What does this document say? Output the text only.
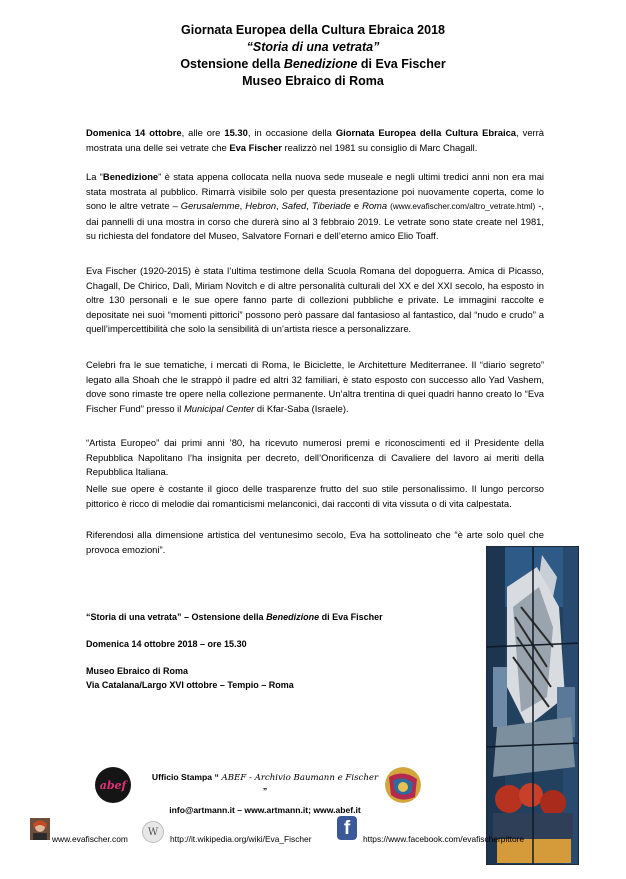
Giornata Europea della Cultura Ebraica 2018
“Storia di una vetrata”
Ostensione della Benedizione di Eva Fischer
Museo Ebraico di Roma
Domenica 14 ottobre, alle ore 15.30, in occasione della Giornata Europea della Cultura Ebraica, verrà mostrata una delle sei vetrate che Eva Fischer realizzò nel 1981 su consiglio di Marc Chagall.
La “Benedizione” è stata appena collocata nella nuova sede museale e negli ultimi tredici anni non era mai stata mostrata al pubblico. Rimarrà visibile solo per questa presentazione poi nuovamente coperta, come lo sono le altre vetrate – Gerusalemme, Hebron, Safed, Tiberiade e Roma (www.evafischer.com/altro_vetrate.html) -, dai pannelli di una mostra in corso che durerà sino al 3 febbraio 2019. Le vetrate sono state create nel 1981, su richiesta del fondatore del Museo, Salvatore Fornari e dell’eterno amico Elio Toaff.
Eva Fischer (1920-2015) è stata l’ultima testimone della Scuola Romana del dopoguerra. Amica di Picasso, Chagall, De Chirico, Dalì, Miriam Novitch e di altre personalità culturali del XX e del XXI secolo, ha esposto in oltre 130 personali e le sue opere fanno parte di collezioni pubbliche e private. Le immagini raccolte e depositate nei suoi “momenti pittorici” possono però passare dal fantasioso al fantastico, dal “nudo e crudo” a quell’impercettibilità che solo la sensibilità di un’artista riesce a personalizzare.
Celebri fra le sue tematiche, i mercati di Roma, le Biciclette, le Architetture Mediterranee. Il “diario segreto” legato alla Shoah che le strappò il padre ed altri 32 familiari, è stato esposto con successo allo Yad Vashem, dove sono rimaste tre opere nella collezione permanente. Un’altra trentina di quei quadri hanno creato lo “Eva Fischer Fund” presso il Municipal Center di Kfar-Saba (Israele).
“Artista Europeo” dai primi anni ’80, ha ricevuto numerosi premi e riconoscimenti ed il Presidente della Repubblica Napolitano l’ha insignita per decreto, dell’Onorificenza di Cavaliere del lavoro ai meriti della Repubblica Italiana.
Nelle sue opere è costante il gioco delle trasparenze frutto del suo stile personalissimo. Il lungo percorso pittorico è ricco di melodie dai romanticismi melanconici, dai racconti di vita vissuta o di vita calpestata.
Riferendosi alla dimensione artistica del ventunesimo secolo, Eva ha sottolineato che “è arte solo quel che provoca emozioni”.
“Storia di una vetrata” – Ostensione della Benedizione di Eva Fischer
Domenica 14 ottobre 2018 – ore 15.30
Museo Ebraico di Roma
Via Catalana/Largo XVI ottobre – Tempio – Roma
abef
Ufficio Stampa “ ABEF - Archivio Baumann e Fischer ”
info@artmann.it – www.artmann.it; www.abef.it
www.evafischer.com
W
http://it.wikipedia.org/wiki/Eva_Fischer f https://www.facebook.com/evafischerpittore
